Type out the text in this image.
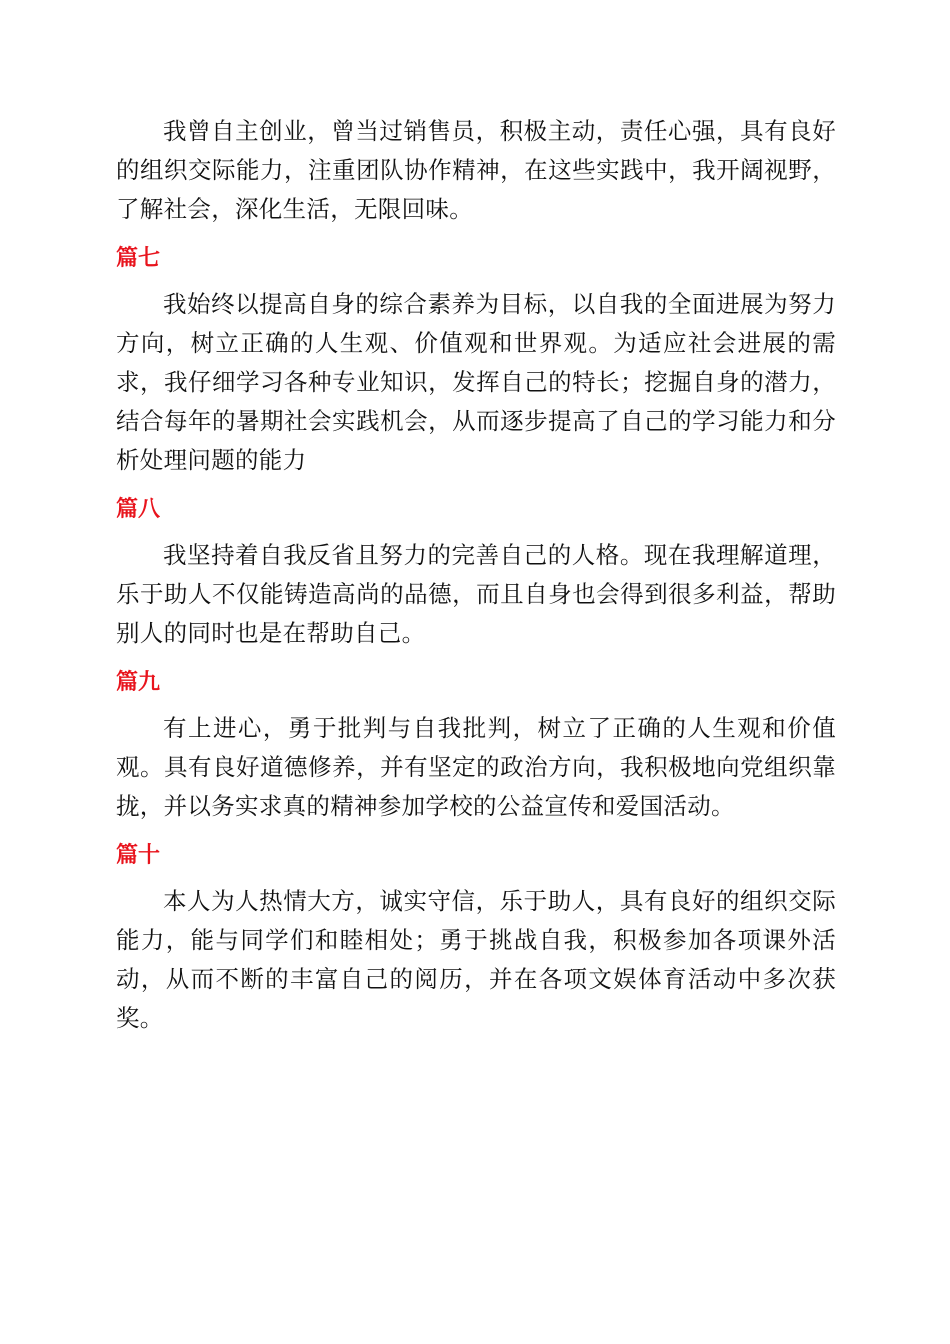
我曾自主创业，曾当过销售员，积极主动，责任心强，具有良好的组织交际能力，注重团队协作精神，在这些实践中，我开阔视野，了解社会，深化生活，无限回味。

篇七

我始终以提高自身的综合素养为目标，以自我的全面进展为努力方向，树立正确的人生观、价值观和世界观。为适应社会进展的需求，我仔细学习各种专业知识，发挥自己的特长；挖掘自身的潜力，结合每年的暑期社会实践机会，从而逐步提高了自己的学习能力和分析处理问题的能力

篇八

我坚持着自我反省且努力的完善自己的人格。现在我理解道理，乐于助人不仅能铸造高尚的品德，而且自身也会得到很多利益，帮助别人的同时也是在帮助自己。

篇九

有上进心，勇于批判与自我批判，树立了正确的人生观和价值观。具有良好道德修养，并有坚定的政治方向，我积极地向党组织靠拢，并以务实求真的精神参加学校的公益宣传和爱国活动。

篇十

本人为人热情大方，诚实守信，乐于助人，具有良好的组织交际能力，能与同学们和睦相处；勇于挑战自我，积极参加各项课外活动，从而不断的丰富自己的阅历，并在各项文娱体育活动中多次获奖。
